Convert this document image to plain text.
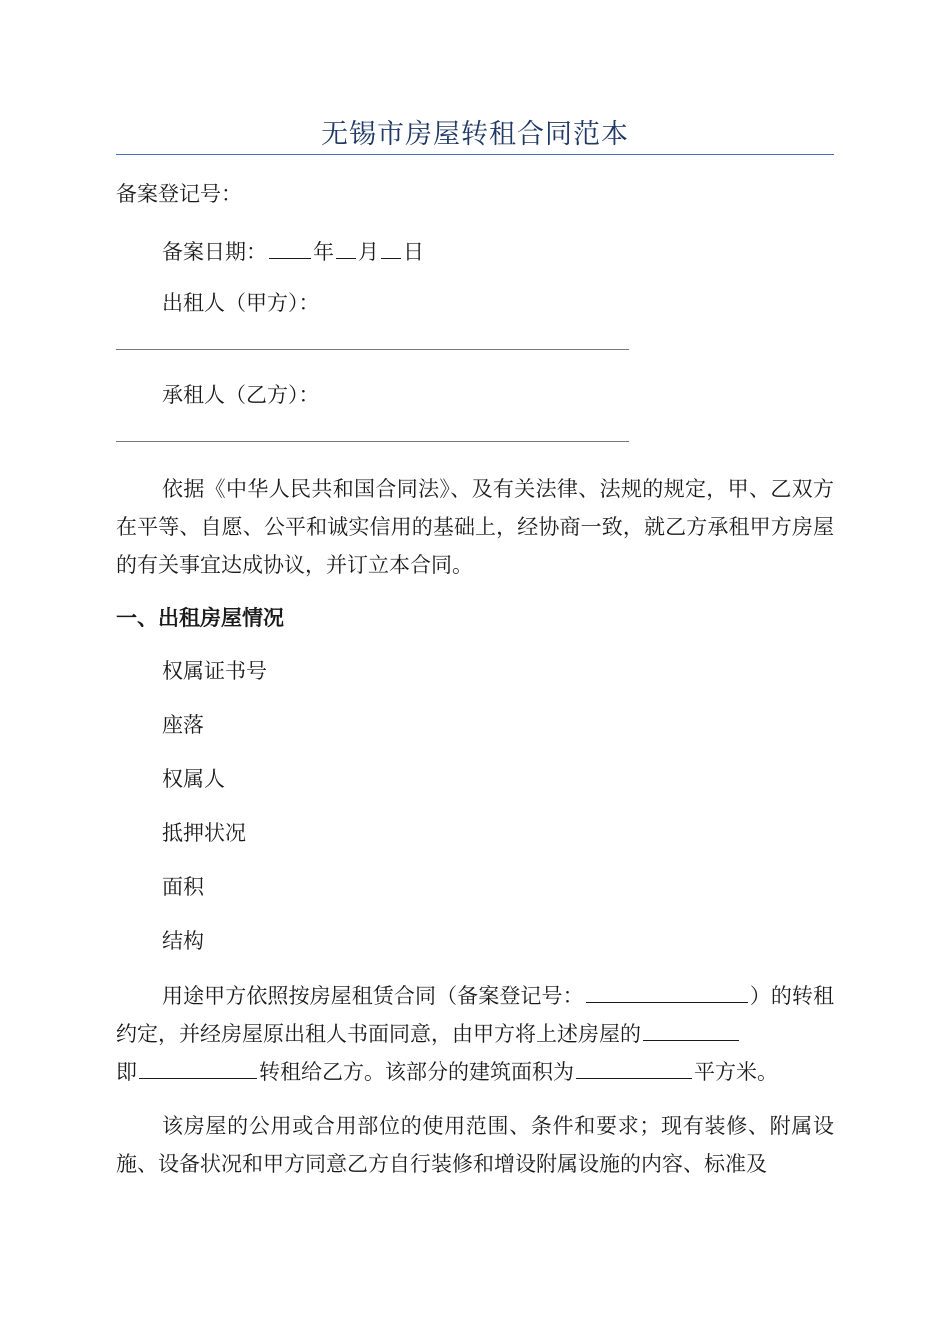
无锡市房屋转租合同范本
备案登记号：
备案日期： 年 月 日
出租人（甲方）：
承租人（乙方）：
依据《中华人民共和国合同法》、及有关法律、法规的规定，甲、乙双方在平等、自愿、公平和诚实信用的基础上，经协商一致，就乙方承租甲方房屋的有关事宜达成协议，并订立本合同。
一、出租房屋情况
权属证书号
座落
权属人
抵押状况
面积
结构
用途甲方依照按房屋租赁合同（备案登记号：	）的转租约定，并经房屋原出租人书面同意，由甲方将上述房屋的
即	转租给乙方。该部分的建筑面积为	平方米。
该房屋的公用或合用部位的使用范围、条件和要求；现有装修、附属设施、设备状况和甲方同意乙方自行装修和增设附属设施的内容、标准及
